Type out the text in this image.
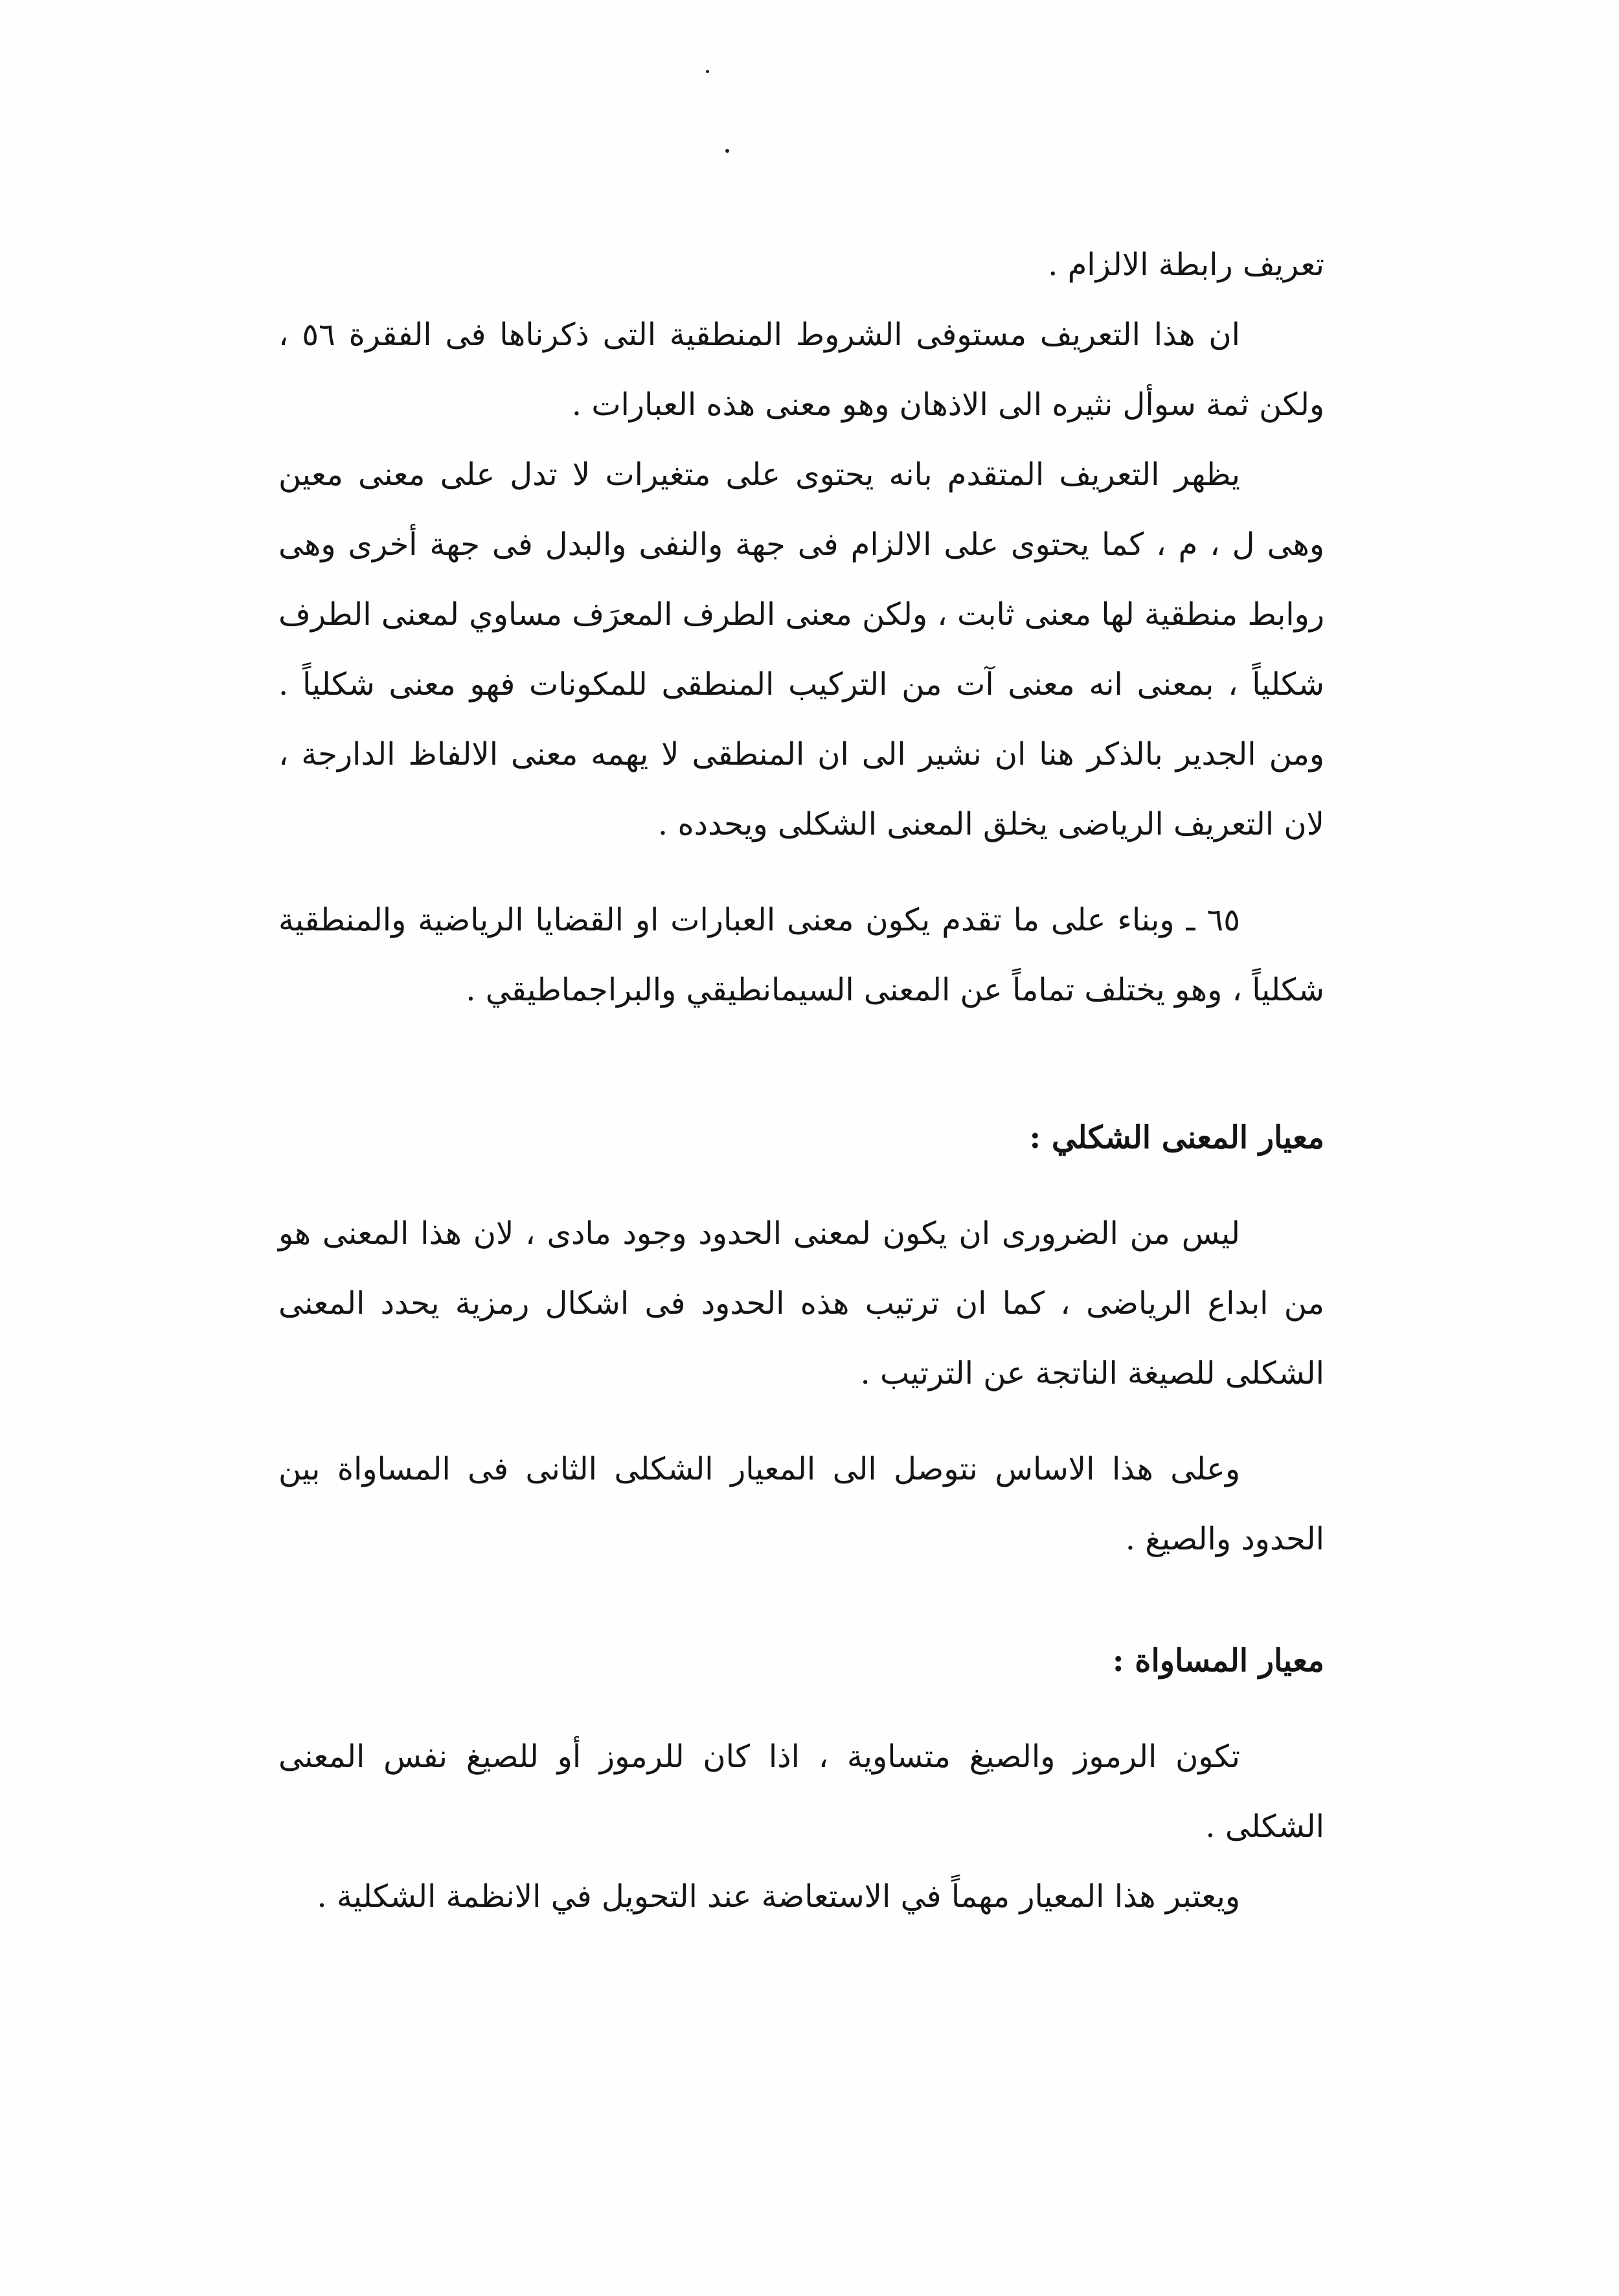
تعريف رابطة الالزام .

ان هذا التعريف مستوفى الشروط المنطقية التى ذكرناها فى الفقرة ٥٦ ، ولكن ثمة سوأل نثيره الى الاذهان وهو معنى هذه العبارات .

يظهر التعريف المتقدم بانه يحتوى على متغيرات لا تدل على معنى معين وهى ل ، م ، كما يحتوى على الالزام فى جهة والنفى والبدل فى جهة أخرى وهى روابط منطقية لها معنى ثابت ، ولكن معنى الطرف المعرَف مساوي لمعنى الطرف شكلياً ، بمعنى انه معنى آت من التركيب المنطقى للمكونات فهو معنى شكلياً . ومن الجدير بالذكر هنا ان نشير الى ان المنطقى لا يهمه معنى الالفاظ الدارجة ، لان التعريف الرياضى يخلق المعنى الشكلى ويحدده .

٦٥ ـ وبناء على ما تقدم يكون معنى العبارات او القضايا الرياضية والمنطقية شكلياً ، وهو يختلف تماماً عن المعنى السيمانطيقي والبراجماطيقي .

معيار المعنى الشكلي :

ليس من الضرورى ان يكون لمعنى الحدود وجود مادى ، لان هذا المعنى هو من ابداع الرياضى ، كما ان ترتيب هذه الحدود فى اشكال رمزية يحدد المعنى الشكلى للصيغة الناتجة عن الترتيب .

وعلى هذا الاساس نتوصل الى المعيار الشكلى الثانى فى المساواة بين الحدود والصيغ .

معيار المساواة :

تكون الرموز والصيغ متساوية ، اذا كان للرموز أو للصيغ نفس المعنى الشكلى .

ويعتبر هذا المعيار مهماً في الاستعاضة عند التحويل في الانظمة الشكلية .
